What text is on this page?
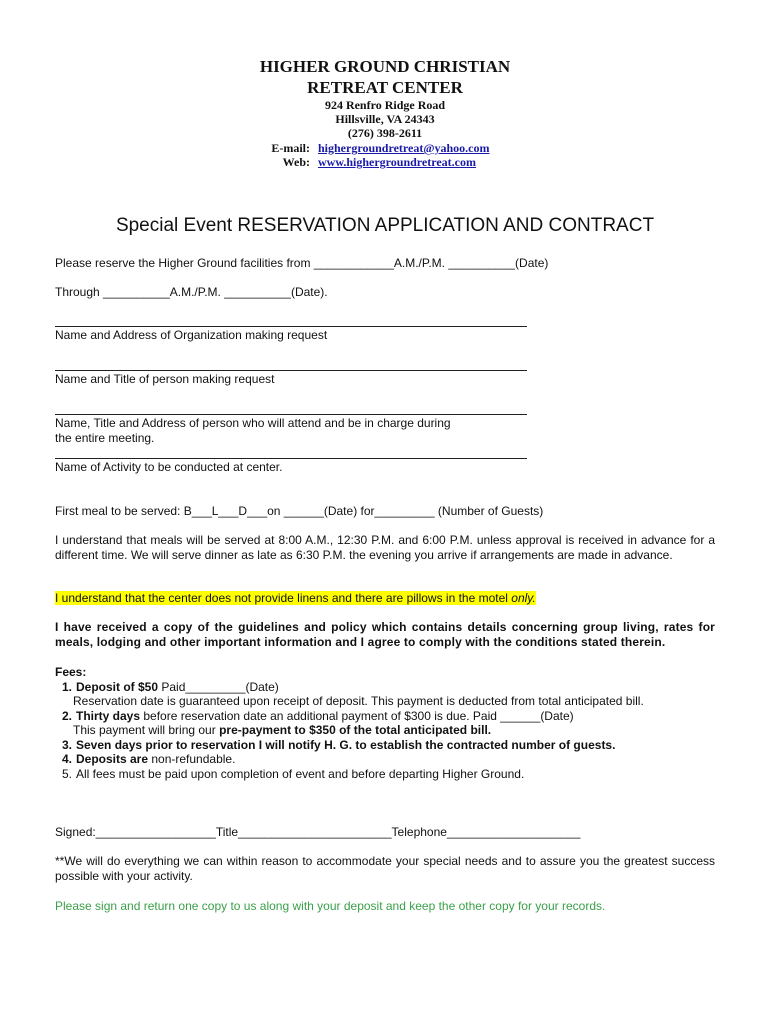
HIGHER GROUND CHRISTIAN
RETREAT CENTER
924 Renfro Ridge Road
Hillsville, VA 24343
(276) 398-2611
E-mail: highergroundretreat@yahoo.com
Web: www.highergroundretreat.com
Special Event RESERVATION APPLICATION AND CONTRACT
Please reserve the Higher Ground facilities from ____________A.M./P.M. __________(Date)
Through __________A.M./P.M. __________(Date).
Name and Address of Organization making request
Name and Title of person making request
Name, Title and Address of person who will attend and be in charge during
the entire meeting.
Name of Activity to be conducted at center.
First meal to be served: B___L___D___on ______(Date) for_________ (Number of Guests)
I understand that meals will be served at 8:00 A.M., 12:30 P.M. and 6:00 P.M. unless approval is received in advance for a different time. We will serve dinner as late as 6:30 P.M. the evening you arrive if arrangements are made in advance.
I understand that the center does not provide linens and there are pillows in the motel only.
I have received a copy of the guidelines and policy which contains details concerning group living, rates for meals, lodging and other important information and I agree to comply with the conditions stated therein.
Fees:
1. Deposit of $50 Paid_________(Date)
Reservation date is guaranteed upon receipt of deposit. This payment is deducted from total anticipated bill.
2. Thirty days before reservation date an additional payment of $300 is due. Paid ______(Date)
This payment will bring our pre-payment to $350 of the total anticipated bill.
3. Seven days prior to reservation I will notify H. G. to establish the contracted number of guests.
4. Deposits are non-refundable.
5. All fees must be paid upon completion of event and before departing Higher Ground.
Signed:__________________Title_______________________Telephone____________________
**We will do everything we can within reason to accommodate your special needs and to assure you the greatest success possible with your activity.
Please sign and return one copy to us along with your deposit and keep the other copy for your records.
